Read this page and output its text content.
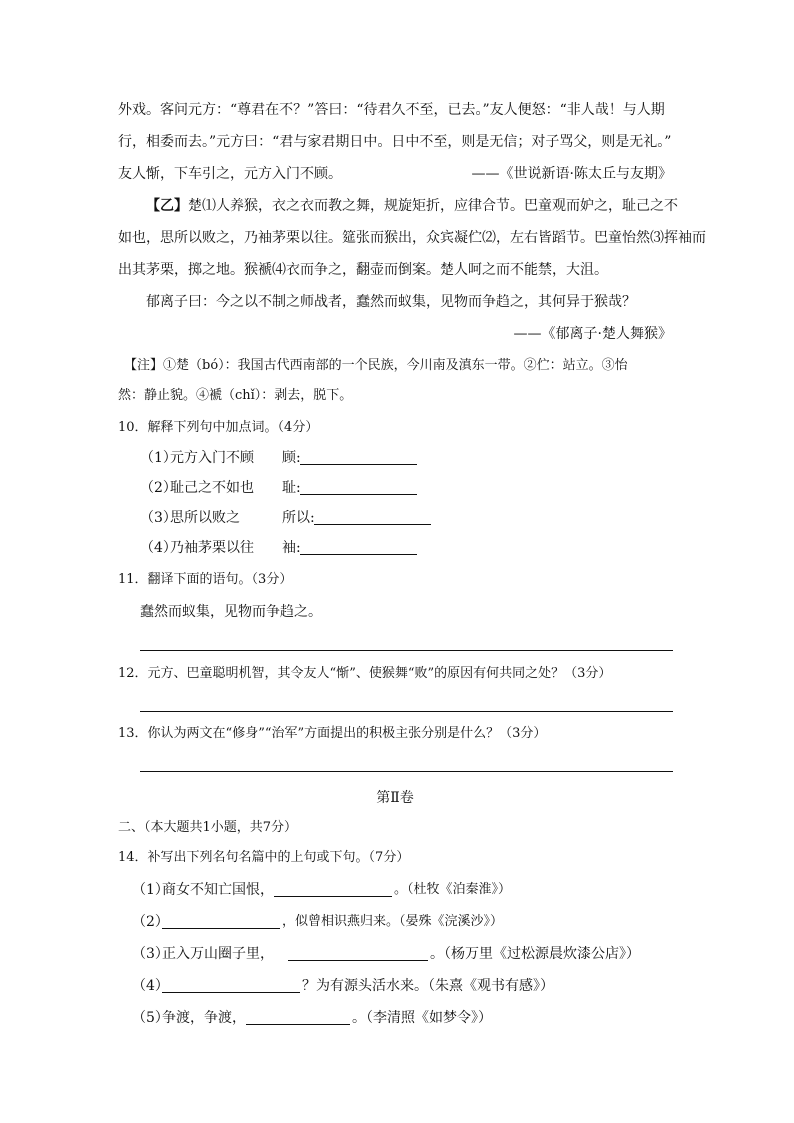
外戏。客问元方：“尊君在不？”答曰：“待君久不至，已去。”友人便怒：“非人哉！与人期
行，相委而去。”元方曰：“君与家君期日中。日中不至，则是无信；对子骂父，则是无礼。”
友人惭，下车引之，元方入门不顾。	——《世说新语·陈太丘与友期》
【乙】楚⑴人养猴，衣之衣而教之舞，规旋矩折，应律合节。巴童观而妒之，耻己之不
如也，思所以败之，乃袖茅栗以往。筵张而猴出，众宾凝伫⑵，左右皆蹈节。巴童怡然⑶挥袖而
出其茅栗，掷之地。猴褫⑷衣而争之，翻壶而倒案。楚人呵之而不能禁，大沮。
郁离子曰：今之以不制之师战者，蠢然而蚁集，见物而争趋之，其何异于猴哉？
——《郁离子·楚人舞猴》
【注】①楚（bó）：我国古代西南部的一个民族，今川南及滇东一带。②伫：站立。③怡
然：静止貌。④褫（chǐ）：剥去，脱下。
10．解释下列句中加点词。（4分）
（1）
元方入门不顾 顾:
（2）
耻己之不如也 耻:
（3）
思所以败之	所以:
（4）
乃袖茅栗以往 袖:
11．翻译下面的语句。（3分）
蠢然而蚁集，见物而争趋之。
12．元方、巴童聪明机智，其令友人“惭”、使猴舞“败”的原因有何共同之处？（3分）
13．你认为两文在“修身”“治军”方面提出的积极主张分别是什么？（3分）
第Ⅱ卷
二、（本大题共1小题，共7分）
14．补写出下列名句名篇中的上句或下句。（7分）
（1）
商女不知亡国恨，	。（杜牧《泊秦淮》）
（2）	，似曾相识燕归来。（晏殊《浣溪沙》）
（3）
正入万山圈子里，	。（杨万里《过松源晨炊漆公店》）
（4）	？为有源头活水来。（朱熹《观书有感》）
（5）
争渡，争渡，	。（李清照《如梦令》）
